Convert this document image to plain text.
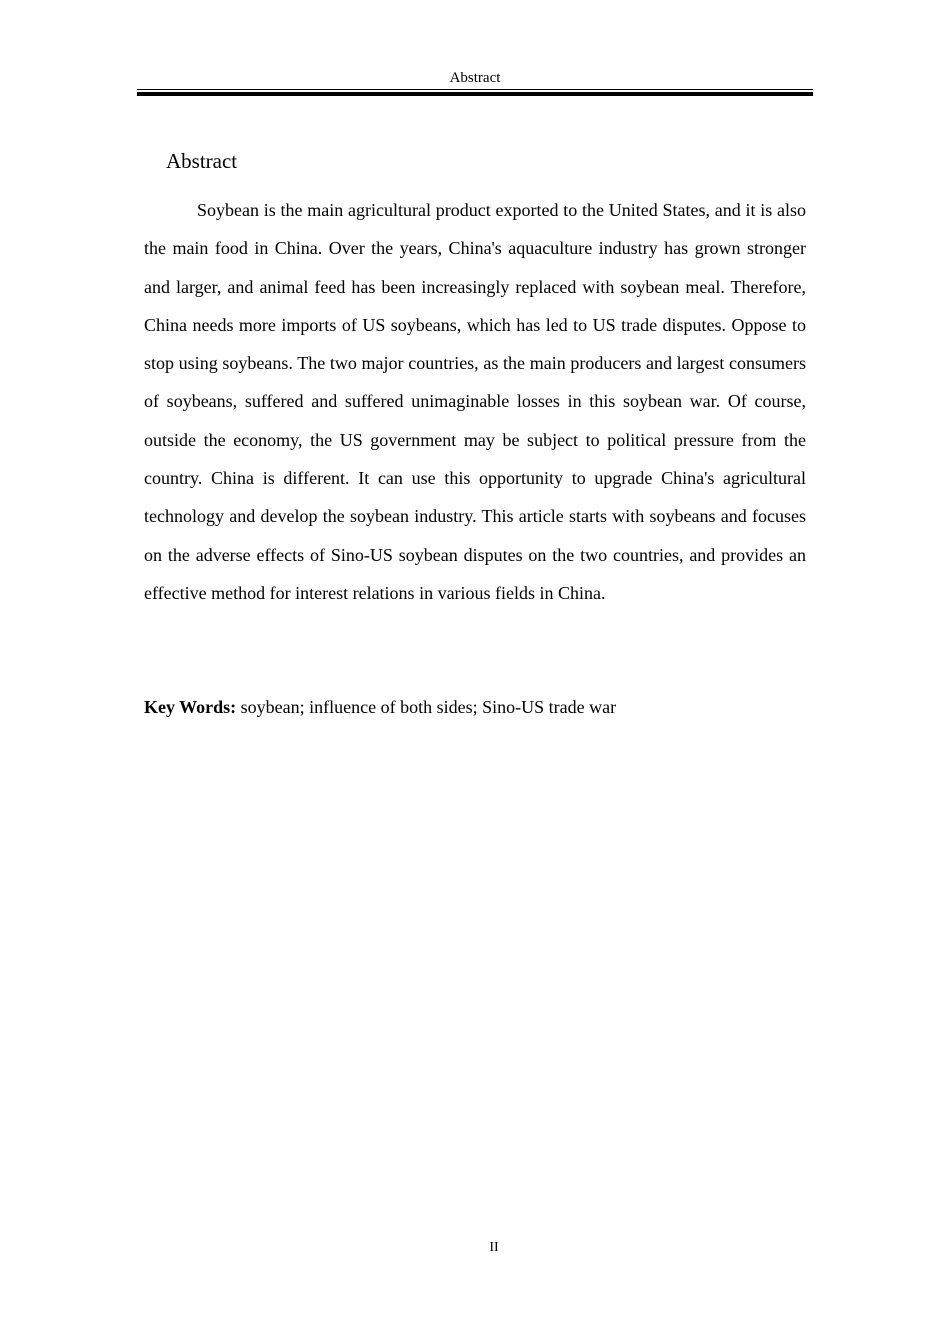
Abstract
Abstract

Soybean is the main agricultural product exported to the United States, and it is also the main food in China. Over the years, China's aquaculture industry has grown stronger and larger, and animal feed has been increasingly replaced with soybean meal. Therefore, China needs more imports of US soybeans, which has led to US trade disputes. Oppose to stop using soybeans. The two major countries, as the main producers and largest consumers of soybeans, suffered and suffered unimaginable losses in this soybean war. Of course, outside the economy, the US government may be subject to political pressure from the country. China is different. It can use this opportunity to upgrade China's agricultural technology and develop the soybean industry. This article starts with soybeans and focuses on the adverse effects of Sino-US soybean disputes on the two countries, and provides an effective method for interest relations in various fields in China.

Key Words: soybean; influence of both sides; Sino-US trade war

II
